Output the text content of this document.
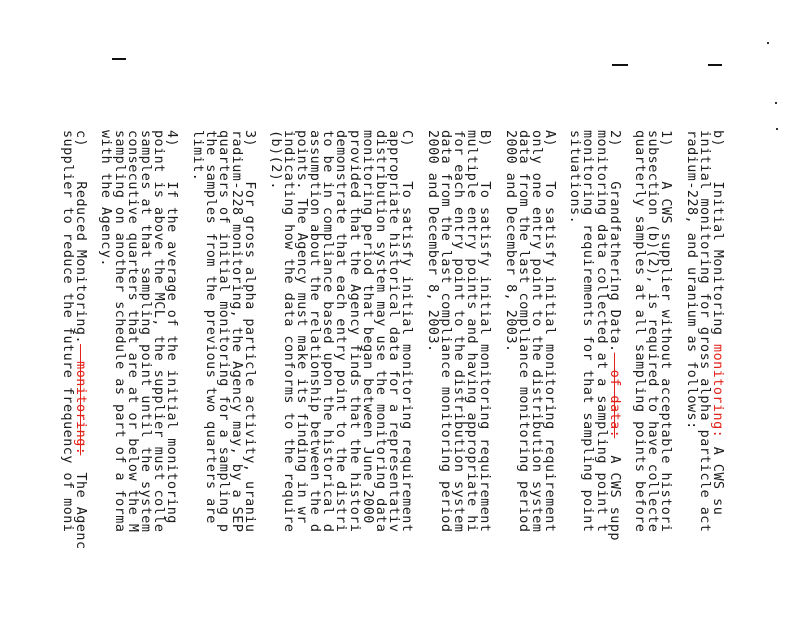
b)    Initial Monitoring monitoring: A CWS su
initial monitoring for gross alpha particle act
radium-228, and uranium as follows:
1)    A CWS supplier without acceptable histori
subsection (b)(2), is required to have collecte
quarterly samples at all sampling points before
2)    Grandfathering Data.  of data:  A CWS supp
monitoring data collected at a sampling point t
monitoring requirements for that sampling point
situations.
A)    To satisfy initial monitoring requirement
only one entry point to the distribution system
data from the last compliance monitoring period
2000 and December 8, 2003.
B)    To satisfy initial monitoring requirement
multiple entry points and having appropriate hi
for each entry point to the distribution system
data from the last compliance monitoring period
2000 and December 8, 2003.
C)    To satisfy initial monitoring requirement
appropriate historical data for a representativ
distribution system may use the monitoring data
monitoring period that began between June 2000
provided that the Agency finds that the histori
demonstrate that each entry point to the distri
to be in compliance based upon the historical d
assumption about the relationship between the d
points. The Agency must make its finding in wr
indicating how the data conforms to the require
(b)(2).
3)    For gross alpha particle activity, uraniu
radium-228 monitoring, the Agency may, by a SEP
quarters of initial monitoring for a sampling p
the samples from the previous two quarters are
limit.
4)    If the average of the initial monitoring
point is above the MCL, the supplier must colle
samples at that sampling point until the system
consecutive quarters that are at or below the M
sampling on another schedule as part of a forma
with the Agency.
c)    Reduced Monitoring.  monitoring:  The Agenc
supplier to reduce the future frequency of moni
